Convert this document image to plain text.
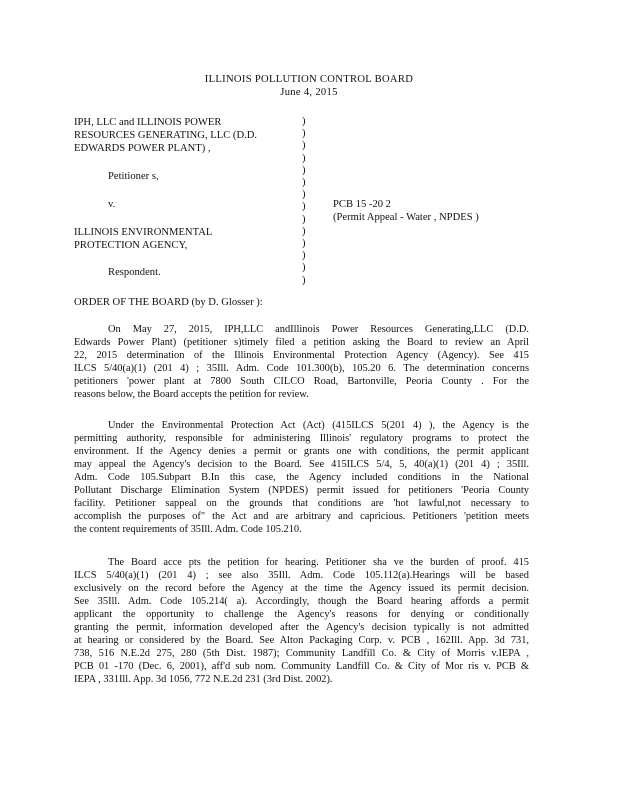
ILLINOIS POLLUTION CONTROL BOARD
June 4, 2015
IPH, LLC and ILLINOIS POWER
RESOURCES GENERATING, LLC (D.D.
EDWARDS POWER PLANT) ,
Petitioner s,
v.
ILLINOIS ENVIRONMENTAL
PROTECTION AGENCY,
Respondent.
)
)
)
)
)
)
)
)
)
)
)
)
)
)
PCB 15 -20 2
(Permit Appeal - Water , NPDES )
ORDER OF THE BOARD (by D. Glosser ):
On May 27, 2015, IPH,LLC andIllinois Power Resources Generating,LLC (D.D.
Edwards Power Plant) (petitioner s)timely filed a petition asking the Board to review an April
22, 2015 determination of the Illinois Environmental Protection Agency (Agency). See 415
ILCS 5/40(a)(1) (201 4) ; 35Ill. Adm. Code 101.300(b), 105.20 6. The determination concerns
petitioners 'power plant at 7800 South CILCO Road, Bartonville, Peoria County . For the
reasons below, the Board accepts the petition for review.
Under the Environmental Protection Act (Act) (415ILCS 5(201 4) ), the Agency is the
permitting authority, responsible for administering Illinois' regulatory programs to protect the
environment. If the Agency denies a permit or grants one with conditions, the permit applicant
may appeal the Agency's decision to the Board. See 415ILCS 5/4, 5, 40(a)(1) (201 4) ; 35Ill.
Adm. Code 105.Subpart B.In this case, the Agency included conditions in the National
Pollutant Discharge Elimination System (NPDES) permit issued for petitioners 'Peoria County
facility. Petitioner sappeal on the grounds that conditions are 'hot lawful,not necessary to
accomplish the purposes of" the Act and are arbitrary and capricious. Petitioners 'petition meets
the content requirements of 35Ill. Adm. Code 105.210.
The Board acce pts the petition for hearing. Petitioner sha ve the burden of proof. 415
ILCS 5/40(a)(1) (201 4) ; see also 35Ill. Adm. Code 105.112(a).Hearings will be based
exclusively on the record before the Agency at the time the Agency issued its permit decision.
See 35Ill. Adm. Code 105.214( a). Accordingly, though the Board hearing affords a permit
applicant the opportunity to challenge the Agency's reasons for denying or conditionally
granting the permit, information developed after the Agency's decision typically is not admitted
at hearing or considered by the Board. See Alton Packaging Corp. v. PCB , 162Ill. App. 3d 731,
738, 516 N.E.2d 275, 280 (5th Dist. 1987); Community Landfill Co. & City of Morris v.IEPA ,
PCB 01 -170 (Dec. 6, 2001), aff'd sub nom. Community Landfill Co. & City of Mor ris v. PCB &
IEPA , 331Ill. App. 3d 1056, 772 N.E.2d 231 (3rd Dist. 2002).
